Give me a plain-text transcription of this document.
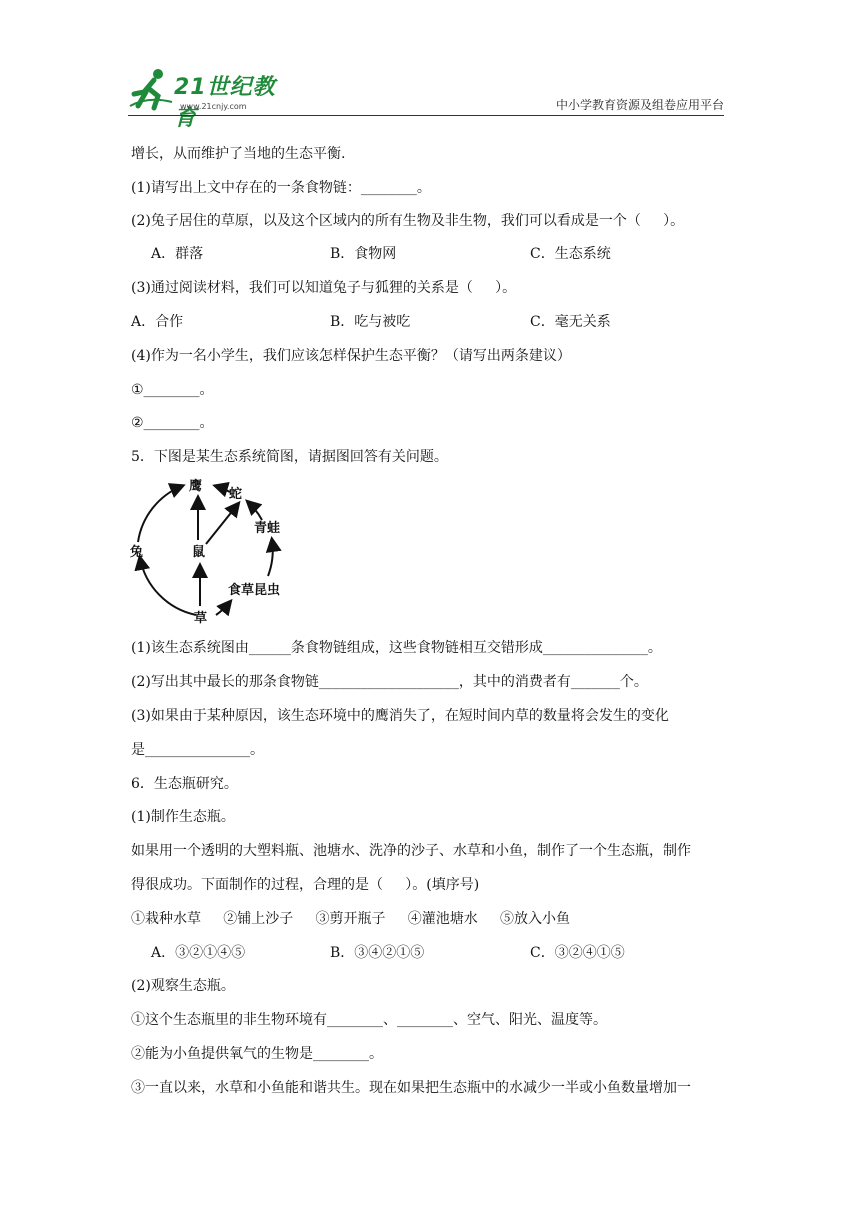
21世纪教育
www.21cnjy.com	中小学教育资源及组卷应用平台
增长，从而维护了当地的生态平衡.
(1)请写出上文中存在的一条食物链：________。
(2)兔子居住的草原，以及这个区域内的所有生物及非生物，我们可以看成是一个（     ）。
A．群落	B．食物网	C．生态系统
(3)通过阅读材料，我们可以知道兔子与狐狸的关系是（     ）。
A．合作	B．吃与被吃	C．毫无关系
(4)作为一名小学生，我们应该怎样保护生态平衡？（请写出两条建议）
①________。
②________。
5．下图是某生态系统简图，请据图回答有关问题。
鹰
蛇
青蛙
兔	鼠
食草昆虫
草
(1)该生态系统图由______条食物链组成，这些食物链相互交错形成_______________。
(2)写出其中最长的那条食物链____________________，其中的消费者有_______个。
(3)如果由于某种原因，该生态环境中的鹰消失了，在短时间内草的数量将会发生的变化
是_______________。
6．生态瓶研究。
(1)制作生态瓶。
如果用一个透明的大塑料瓶、池塘水、洗净的沙子、水草和小鱼，制作了一个生态瓶，制作
得很成功。下面制作的过程，合理的是（     ）。(填序号)
①栽种水草     ②铺上沙子     ③剪开瓶子     ④灌池塘水     ⑤放入小鱼
A．③②①④⑤	B．③④②①⑤	C．③②④①⑤
(2)观察生态瓶。
①这个生态瓶里的非生物环境有________、________、空气、阳光、温度等。
②能为小鱼提供氧气的生物是________。
③一直以来，水草和小鱼能和谐共生。现在如果把生态瓶中的水减少一半或小鱼数量增加一
